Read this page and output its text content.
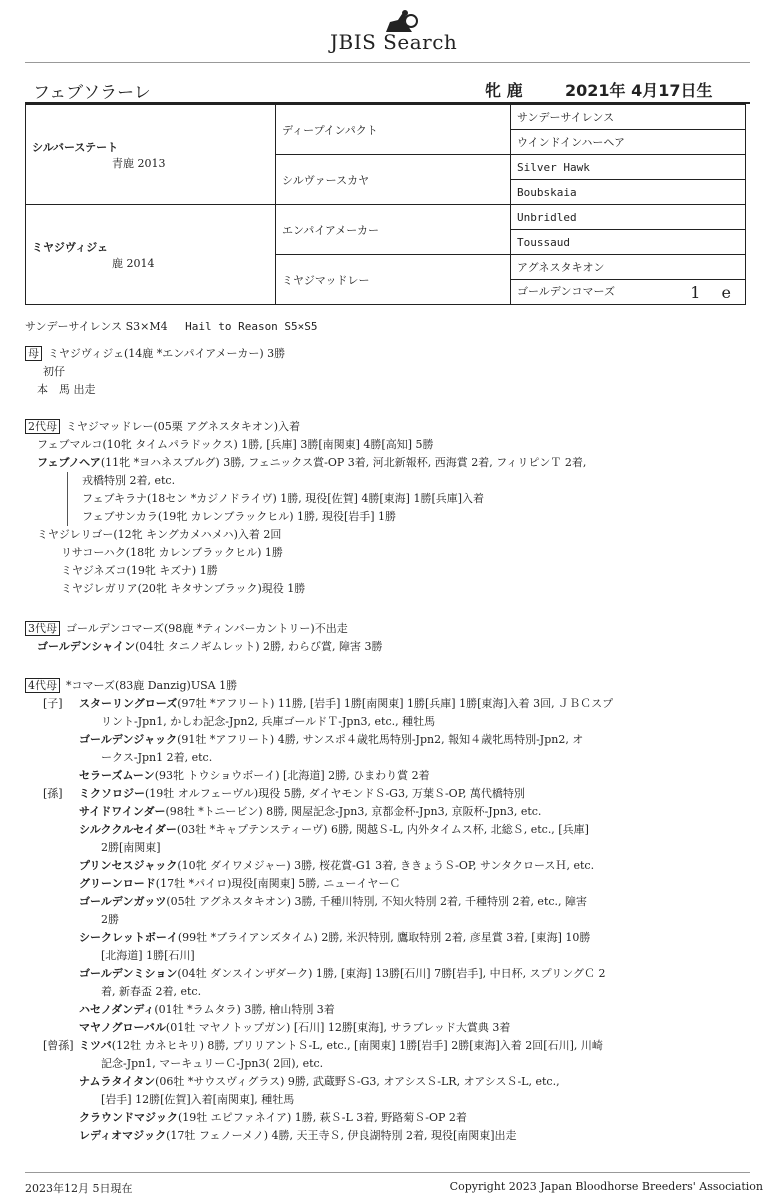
JBIS Search
フェブソラーレ	牝 鹿	2021年 4月17日生
シルバーステート
青鹿 2013	ディープインパクト	サンデーサイレンス
		ウインドインハーヘア
	シルヴァースカヤ	Silver Hawk
		Boubskaia

ミヤジヴィジェ
鹿 2014	エンパイアメーカー	Unbridled
		Toussaud
	ミヤジマッドレー	アグネスタキオン
		ゴールデンコマーズ 1 e
サンデーサイレンス S3×M4 Hail to Reason S5×S5
母 ミヤジヴィジェ(14鹿 *エンパイアメーカー) 3勝
初仔
本　馬 出走
2代母 ミヤジマッドレー(05栗 アグネスタキオン)入着
フェブマルコ(10牝 タイムパラドックス) 1勝, [兵庫] 3勝[南関東] 4勝[高知] 5勝
フェブノヘア(11牝 *ヨハネスブルグ) 3勝, フェニックス賞-OP 3着, 河北新報杯, 西海賞 2着, フィリピンＴ 2着,
戎橋特別 2着, etc.
フェブキラナ(18セン *カジノドライヴ) 1勝, 現役[佐賀] 4勝[東海] 1勝[兵庫]入着
フェブサンカラ(19牝 カレンブラックヒル) 1勝, 現役[岩手] 1勝
ミヤジレリゴー(12牝 キングカメハメハ)入着 2回
リサコーハク(18牝 カレンブラックヒル) 1勝
ミヤジネズコ(19牝 キズナ) 1勝
ミヤジレガリア(20牝 キタサンブラック)現役 1勝
3代母 ゴールデンコマーズ(98鹿 *ティンバーカントリー)不出走
ゴールデンシャイン(04牡 タニノギムレット) 2勝, わらび賞, 障害 3勝
4代母 *コマーズ(83鹿 Danzig)USA 1勝
[子] スターリングローズ(97牡 *アフリート) 11勝, [岩手] 1勝[南関東] 1勝[兵庫] 1勝[東海]入着 3回, ＪＢＣスプ
リント-Jpn1, かしわ記念-Jpn2, 兵庫ゴールドＴ-Jpn3, etc., 種牡馬
ゴールデンジャック(91牡 *アフリート) 4勝, サンスポ４歳牝馬特別-Jpn2, 報知４歳牝馬特別-Jpn2, オ
ークス-Jpn1 2着, etc.
セラーズムーン(93牝 トウショウボーイ) [北海道] 2勝, ひまわり賞 2着
[孫] ミクソロジー(19牡 オルフェーヴル)現役 5勝, ダイヤモンドＳ-G3, 万葉Ｓ-OP, 萬代橋特別
サイドワインダー(98牡 *トニービン) 8勝, 関屋記念-Jpn3, 京都金杯-Jpn3, 京阪杯-Jpn3, etc.
シルククルセイダー(03牡 *キャプテンスティーヴ) 6勝, 関越Ｓ-L, 内外タイムス杯, 北総Ｓ, etc., [兵庫]
2勝[南関東]
プリンセスジャック(10牝 ダイワメジャー) 3勝, 桜花賞-G1 3着, ききょうＳ-OP, サンタクロースＨ, etc.
グリーンロード(17牡 *パイロ)現役[南関東] 5勝, ニューイヤーＣ
ゴールデンガッツ(05牡 アグネスタキオン) 3勝, 千種川特別, 不知火特別 2着, 千種特別 2着, etc., 障害
2勝
シークレットボーイ(99牡 *ブライアンズタイム) 2勝, 米沢特別, 鷹取特別 2着, 彦星賞 3着, [東海] 10勝
[北海道] 1勝[石川]
ゴールデンミション(04牡 ダンスインザダーク) 1勝, [東海] 13勝[石川] 7勝[岩手], 中日杯, スプリングＣ 2
着, 新春盃 2着, etc.
ハセノダンディ(01牡 *ラムタラ) 3勝, 檜山特別 3着
マヤノグローバル(01牡 マヤノトップガン) [石川] 12勝[東海], サラブレッド大賞典 3着
[曾孫] ミツバ(12牡 カネヒキリ) 8勝, ブリリアントＳ-L, etc., [南関東] 1勝[岩手] 2勝[東海]入着 2回[石川], 川崎
記念-Jpn1, マーキュリーＣ-Jpn3( 2回), etc.
ナムラタイタン(06牡 *サウスヴィグラス) 9勝, 武蔵野Ｓ-G3, オアシスＳ-LR, オアシスＳ-L, etc.,
[岩手] 12勝[佐賀]入着[南関東], 種牡馬
クラウンドマジック(19牡 エピファネイア) 1勝, 萩Ｓ-L 3着, 野路菊Ｓ-OP 2着
レディオマジック(17牡 フェノーメノ) 4勝, 天王寺Ｓ, 伊良湖特別 2着, 現役[南関東]出走
2023年12月 5日現在	Copyright 2023 Japan Bloodhorse Breeders' Association
